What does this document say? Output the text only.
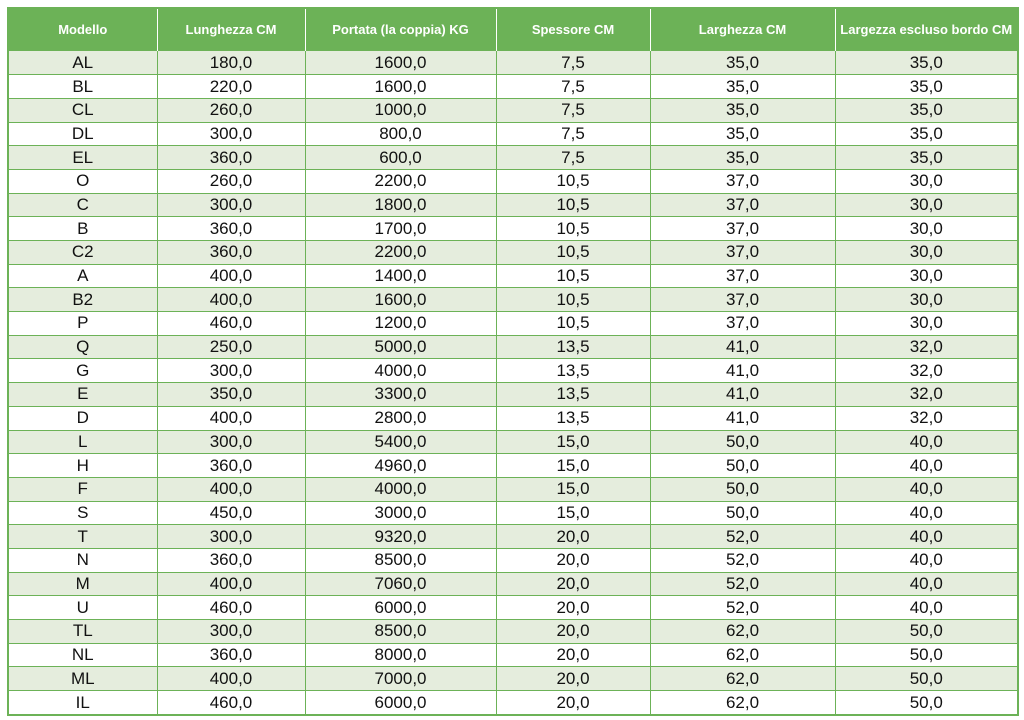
Modello	Lunghezza CM	Portata (la coppia) KG	Spessore CM	Larghezza CM	Largezza escluso bordo CM
AL	180,0	1600,0	7,5	35,0	35,0
BL	220,0	1600,0	7,5	35,0	35,0
CL	260,0	1000,0	7,5	35,0	35,0
DL	300,0	800,0	7,5	35,0	35,0
EL	360,0	600,0	7,5	35,0	35,0
O	260,0	2200,0	10,5	37,0	30,0
C	300,0	1800,0	10,5	37,0	30,0
B	360,0	1700,0	10,5	37,0	30,0
C2	360,0	2200,0	10,5	37,0	30,0
A	400,0	1400,0	10,5	37,0	30,0
B2	400,0	1600,0	10,5	37,0	30,0
P	460,0	1200,0	10,5	37,0	30,0
Q	250,0	5000,0	13,5	41,0	32,0
G	300,0	4000,0	13,5	41,0	32,0
E	350,0	3300,0	13,5	41,0	32,0
D	400,0	2800,0	13,5	41,0	32,0
L	300,0	5400,0	15,0	50,0	40,0
H	360,0	4960,0	15,0	50,0	40,0
F	400,0	4000,0	15,0	50,0	40,0
S	450,0	3000,0	15,0	50,0	40,0
T	300,0	9320,0	20,0	52,0	40,0
N	360,0	8500,0	20,0	52,0	40,0
M	400,0	7060,0	20,0	52,0	40,0
U	460,0	6000,0	20,0	52,0	40,0
TL	300,0	8500,0	20,0	62,0	50,0
NL	360,0	8000,0	20,0	62,0	50,0
ML	400,0	7000,0	20,0	62,0	50,0
IL	460,0	6000,0	20,0	62,0	50,0
